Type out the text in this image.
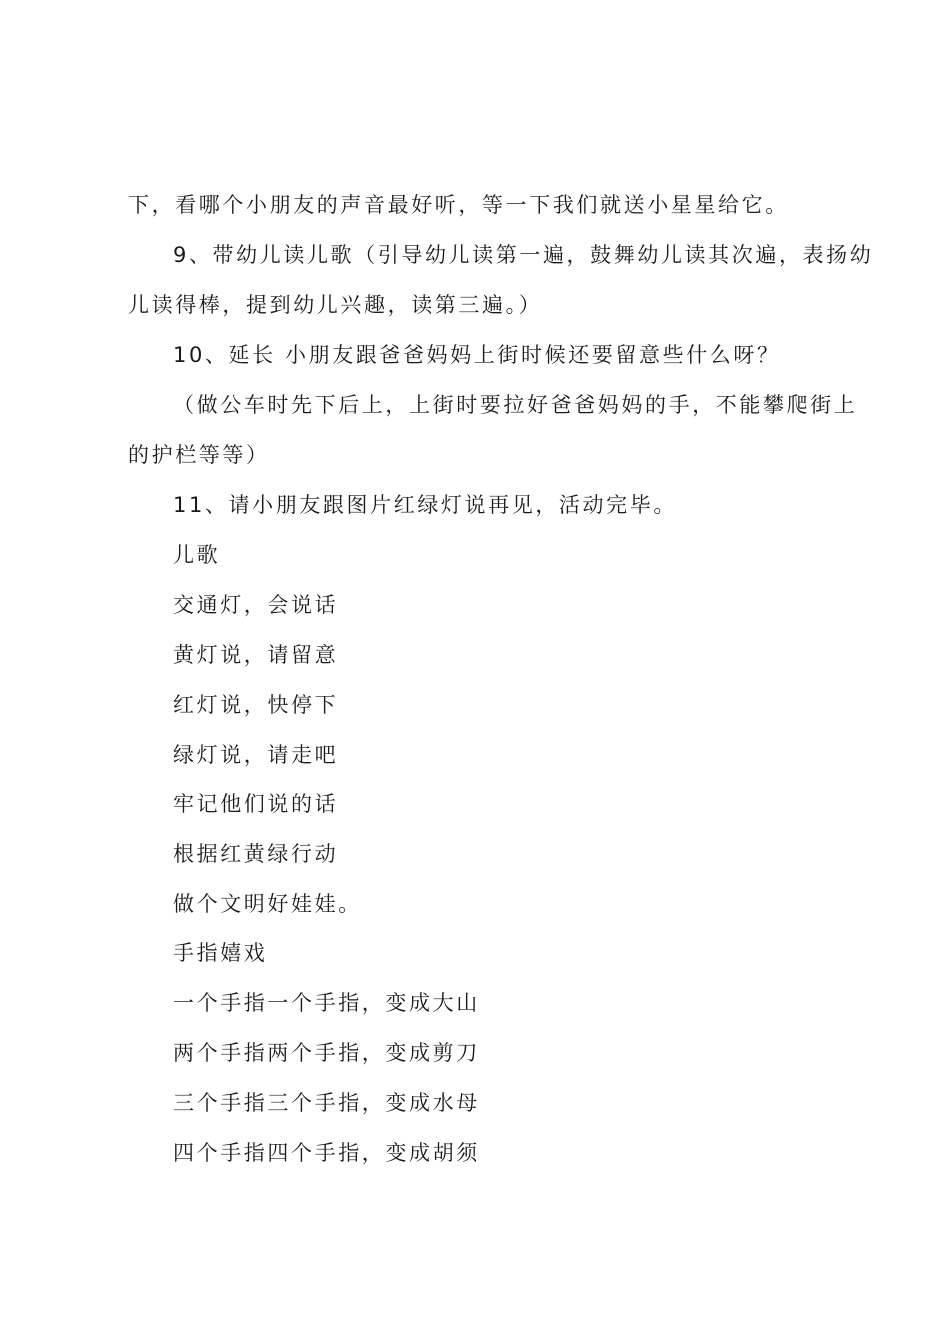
下，看哪个小朋友的声音最好听，等一下我们就送小星星给它。
9、带幼儿读儿歌（引导幼儿读第一遍，鼓舞幼儿读其次遍，表扬幼
儿读得棒，提到幼儿兴趣，读第三遍。）
10、延长 小朋友跟爸爸妈妈上街时候还要留意些什么呀？
（做公车时先下后上，上街时要拉好爸爸妈妈的手，不能攀爬街上
的护栏等等）
11、请小朋友跟图片红绿灯说再见，活动完毕。
儿歌
交通灯，会说话
黄灯说，请留意
红灯说，快停下
绿灯说，请走吧
牢记他们说的话
根据红黄绿行动
做个文明好娃娃。
手指嬉戏
一个手指一个手指，变成大山
两个手指两个手指，变成剪刀
三个手指三个手指，变成水母
四个手指四个手指，变成胡须
